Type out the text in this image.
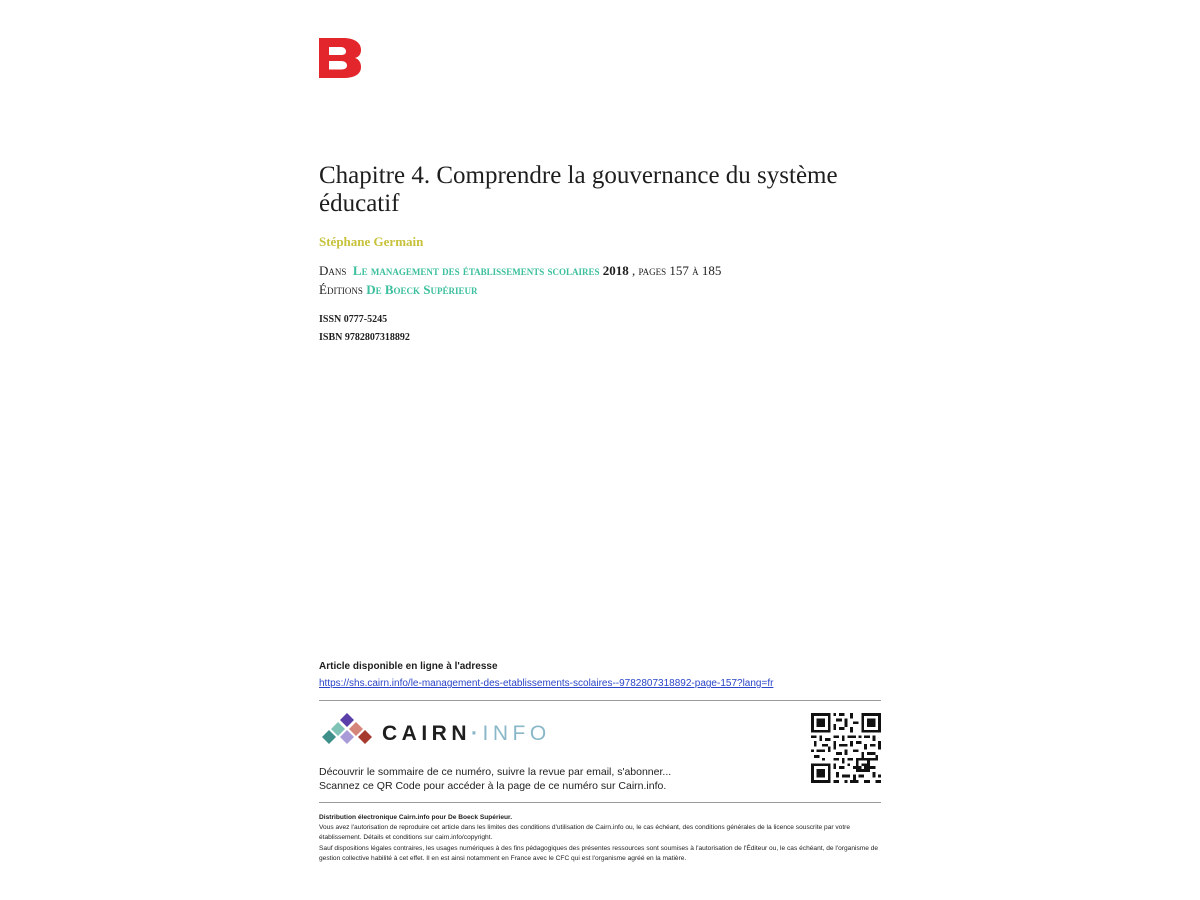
Chapitre 4. Comprendre la gouvernance du système éducatif
Stéphane Germain
Dans Le management des établissements scolaires 2018 , pages 157 à 185
Éditions De Boeck Supérieur
ISSN 0777-5245
ISBN 9782807318892
Article disponible en ligne à l'adresse
https://shs.cairn.info/le-management-des-etablissements-scolaires--9782807318892-page-157?lang=fr
CAIRN·INFO
Découvrir le sommaire de ce numéro, suivre la revue par email, s'abonner...
Scannez ce QR Code pour accéder à la page de ce numéro sur Cairn.info.
Distribution électronique Cairn.info pour De Boeck Supérieur.
Vous avez l'autorisation de reproduire cet article dans les limites des conditions d'utilisation de Cairn.info ou, le cas échéant, des conditions générales de la licence souscrite par votre établissement. Détails et conditions sur cairn.info/copyright.
Sauf dispositions légales contraires, les usages numériques à des fins pédagogiques des présentes ressources sont soumises à l'autorisation de l'Éditeur ou, le cas échéant, de l'organisme de gestion collective habilité à cet effet. Il en est ainsi notamment en France avec le CFC qui est l'organisme agréé en la matière.
